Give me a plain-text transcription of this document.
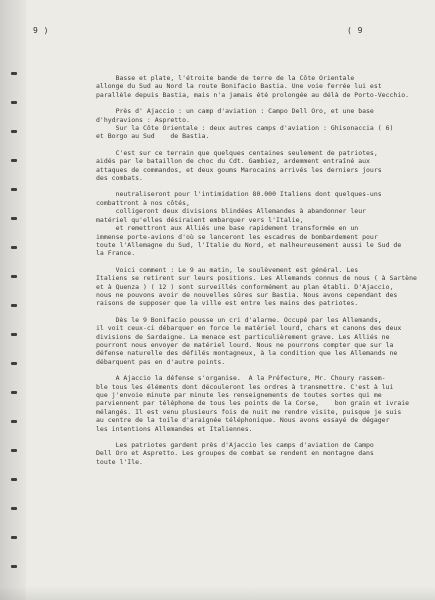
9 )	( 9
Basse et plate, l'étroite bande de terre de la Côte Orientale
allonge du Sud au Nord la route Bonifacio Bastia. Une voie ferrée lui est
parallèle depuis Bastia, mais n'a jamais été prolongée au délà de Porto-Vecchio.
Près d' Ajaccio : un camp d'aviation : Campo Dell Oro, et une base
d'hydravions : Aspretto.
Sur la Côte Orientale : deux autres camps d'aviation : Ghisonaccia ( 6)
et Borgo au Sud    de Bastia.
C'est sur ce terrain que quelques centaines seulement de patriotes,
aidés par le bataillon de choc du Cdt. Gambiez, ardemment entraîné aux
attaques de commandos, et deux goums Marocains arrivés les derniers jours
des combats.
neutraliseront pour l'intimidation 80.000 Italiens dont quelques-uns
combattront à nos côtés,
colligeront deux divisions blindées Allemandes à abandonner leur
matériel qu'elles désiraient embarquer vers l'Italie,
et remettront aux Alliés une base rapidement transformée en un
immense porte-avions d'où se lanceront les escadres de bombardement pour
toute l'Allemagne du Sud, l'Italie du Nord, et malheureusement aussi le Sud de
la France.
Voici comment : Le 9 au matin, le soulèvement est général. Les
Italiens se retirent sur leurs positions. Les Allemands connus de nous ( à Sartène
et à Quenza ) ( 12 ) sont surveillés conformément au plan établi. D'Ajaccio,
nous ne pouvons avoir de nouvelles sûres sur Bastia. Nous avons cependant des
raisons de supposer que la ville est entre les mains des patriotes.
Dès le 9 Bonifacio pousse un cri d'alarme. Occupé par les Allemands,
il voit ceux-ci débarquer en force le matériel lourd, chars et canons des deux
divisions de Sardaigne. La menace est particulièrement grave. Les Alliés ne
pourront nous envoyer de matériel lourd. Nous ne pourrons compter que sur la
défense naturelle des défilés montagneux, à la condition que les Allemands ne
débarquent pas en d'autre points.
A Ajaccio la défense s'organise.  A la Préfecture, Mr. Choury rassem-
ble tous les éléments dont découleront les ordres à transmettre. C'est à lui
que j'envoie minute par minute les renseignements de toutes sortes qui me
parviennent par téléphone de tous les points de la Corse,    bon grain et ivraie
mélangés. Il est venu plusieurs fois de nuit me rendre visite, puisque je suis
au centre de la toile d'araignée téléphonique. Nous avons essayé de dégager
les intentions Allemandes et Italiennes.
Les patriotes gardent près d'Ajaccio les camps d'aviation de Campo
Dell Oro et Aspretto. Les groupes de combat se rendent en montagne dans
toute l'Ile.
